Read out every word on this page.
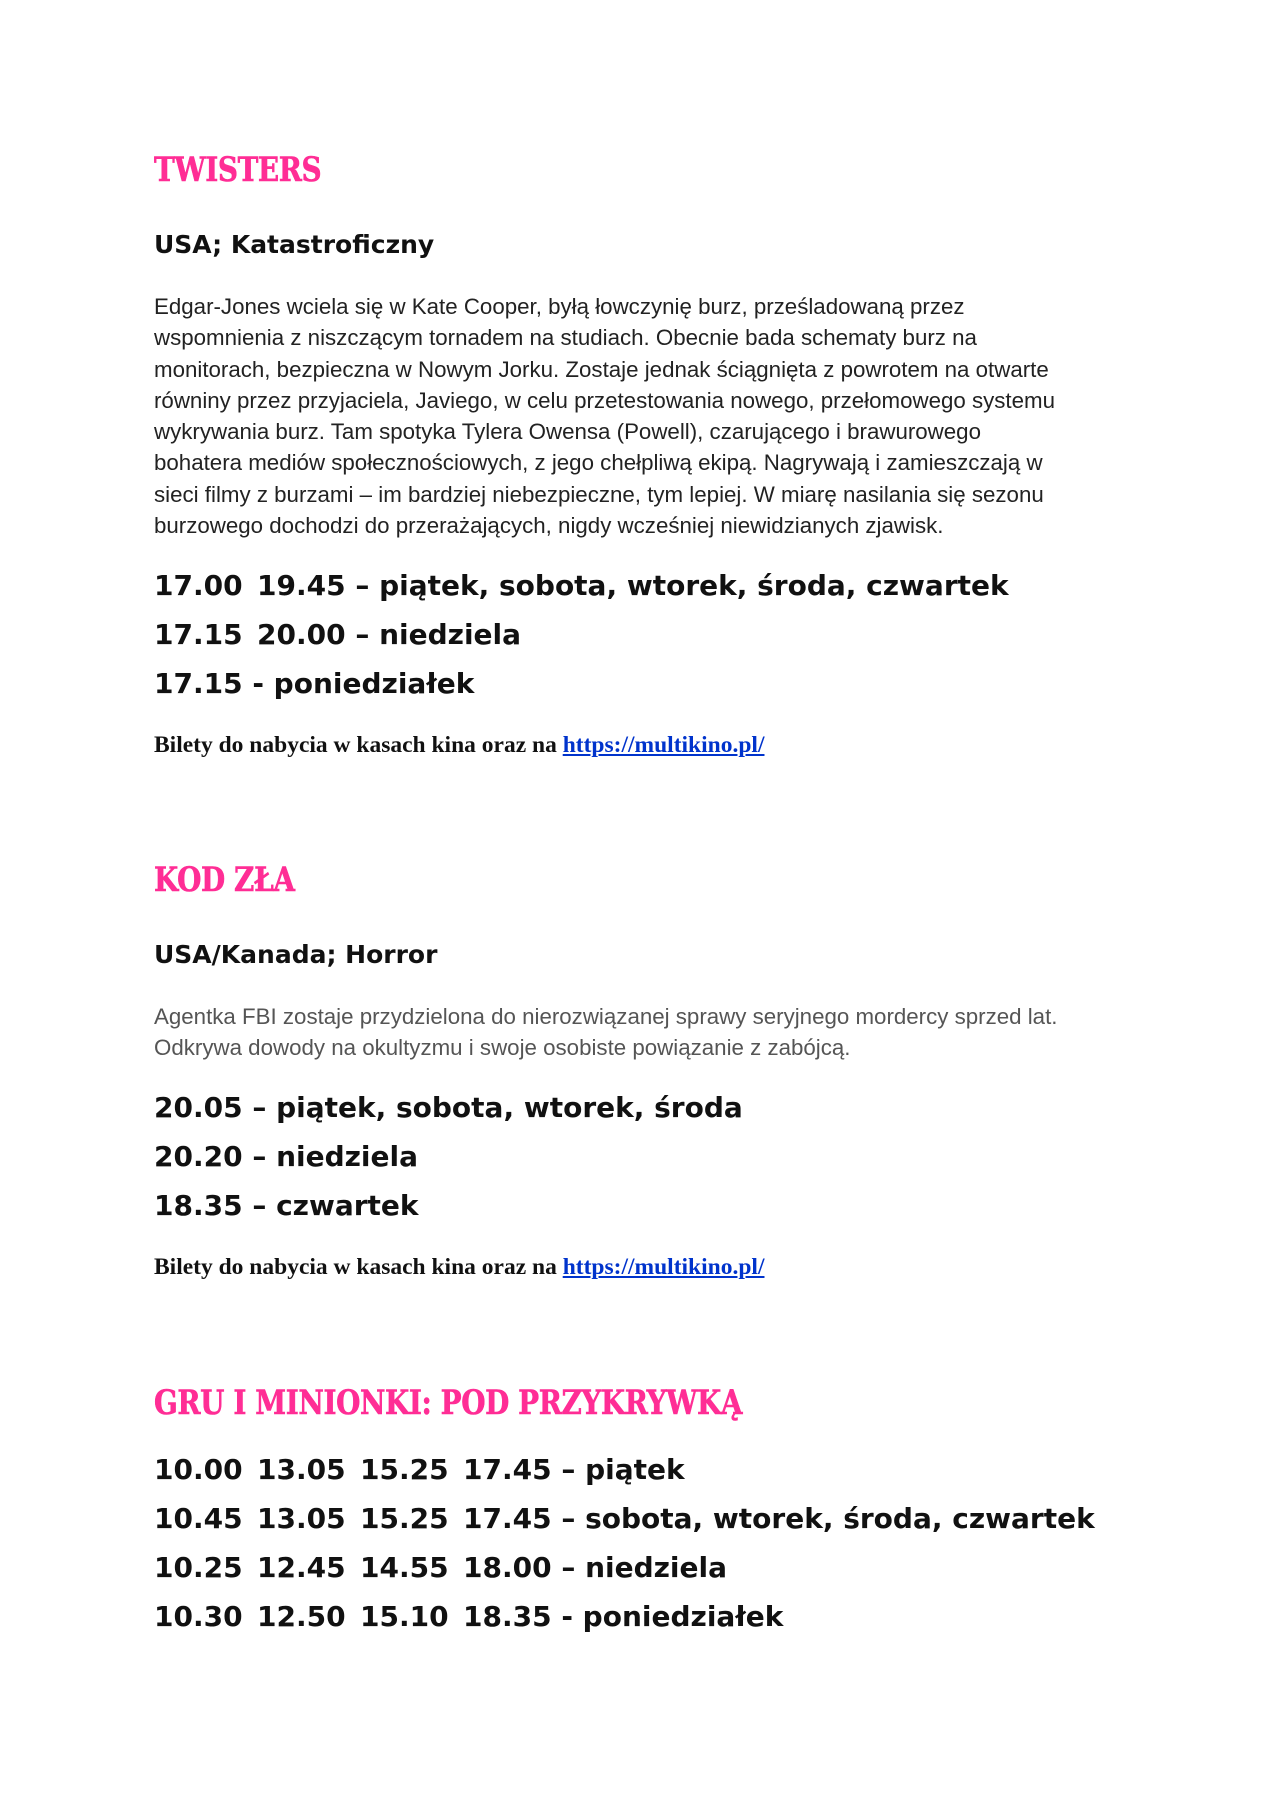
TWISTERS

USA; Katastroficzny

Edgar-Jones wciela się w Kate Cooper, byłą łowczynię burz, prześladowaną przez
wspomnienia z niszczącym tornadem na studiach. Obecnie bada schematy burz na
monitorach, bezpieczna w Nowym Jorku. Zostaje jednak ściągnięta z powrotem na otwarte
równiny przez przyjaciela, Javiego, w celu przetestowania nowego, przełomowego systemu
wykrywania burz. Tam spotyka Tylera Owensa (Powell), czarującego i brawurowego
bohatera mediów społecznościowych, z jego chełpliwą ekipą. Nagrywają i zamieszczają w
sieci filmy z burzami – im bardziej niebezpieczne, tym lepiej. W miarę nasilania się sezonu
burzowego dochodzi do przerażających, nigdy wcześniej niewidzianych zjawisk.
17.00 19.45 – piątek, sobota, wtorek, środa, czwartek
17.15 20.00 – niedziela
17.15 - poniedziałek

Bilety do nabycia w kasach kina oraz na https://multikino.pl/

KOD ZŁA

USA/Kanada; Horror

Agentka FBI zostaje przydzielona do nierozwiązanej sprawy seryjnego mordercy sprzed lat.
Odkrywa dowody na okultyzmu i swoje osobiste powiązanie z zabójcą.
20.05 – piątek, sobota, wtorek, środa
20.20 – niedziela
18.35 – czwartek

Bilety do nabycia w kasach kina oraz na https://multikino.pl/

GRU I MINIONKI: POD PRZYKRYWKĄ
10.00 13.05 15.25 17.45 – piątek
10.45 13.05 15.25 17.45 – sobota, wtorek, środa, czwartek
10.25 12.45 14.55 18.00 – niedziela
10.30 12.50 15.10 18.35 - poniedziałek
